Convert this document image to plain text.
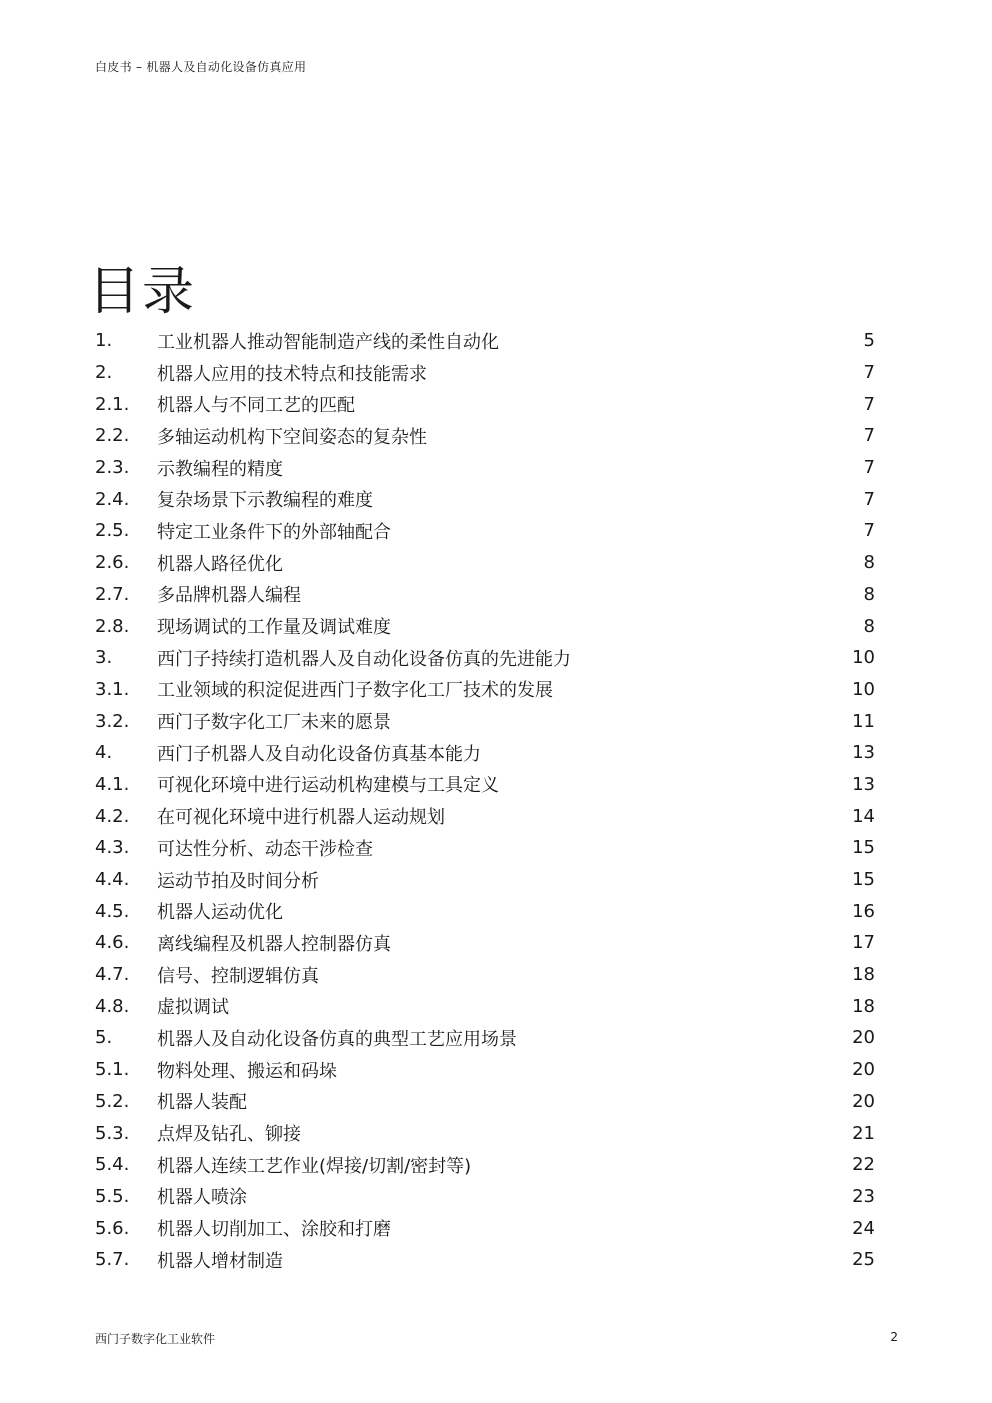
白皮书 – 机器人及自动化设备仿真应用
目录
1.	工业机器人推动智能制造产线的柔性自动化	5
2.	机器人应用的技术特点和技能需求	7
2.1.	机器人与不同工艺的匹配	7
2.2.	多轴运动机构下空间姿态的复杂性	7
2.3.	示教编程的精度	7
2.4.	复杂场景下示教编程的难度	7
2.5.	特定工业条件下的外部轴配合	7
2.6.	机器人路径优化	8
2.7.	多品牌机器人编程	8
2.8.	现场调试的工作量及调试难度	8
3.	西门子持续打造机器人及自动化设备仿真的先进能力	10
3.1.	工业领域的积淀促进西门子数字化工厂技术的发展	10
3.2.	西门子数字化工厂未来的愿景	11
4.	西门子机器人及自动化设备仿真基本能力	13
4.1.	可视化环境中进行运动机构建模与工具定义	13
4.2.	在可视化环境中进行机器人运动规划	14
4.3.	可达性分析、动态干涉检查	15
4.4.	运动节拍及时间分析	15
4.5.	机器人运动优化	16
4.6.	离线编程及机器人控制器仿真	17
4.7.	信号、控制逻辑仿真	18
4.8.	虚拟调试	18
5.	机器人及自动化设备仿真的典型工艺应用场景	20
5.1.	物料处理、搬运和码垛	20
5.2.	机器人装配	20
5.3.	点焊及钻孔、铆接	21
5.4.	机器人连续工艺作业(焊接/切割/密封等)	22
5.5.	机器人喷涂	23
5.6.	机器人切削加工、涂胶和打磨	24
5.7.	机器人增材制造	25
西门子数字化工业软件	2
